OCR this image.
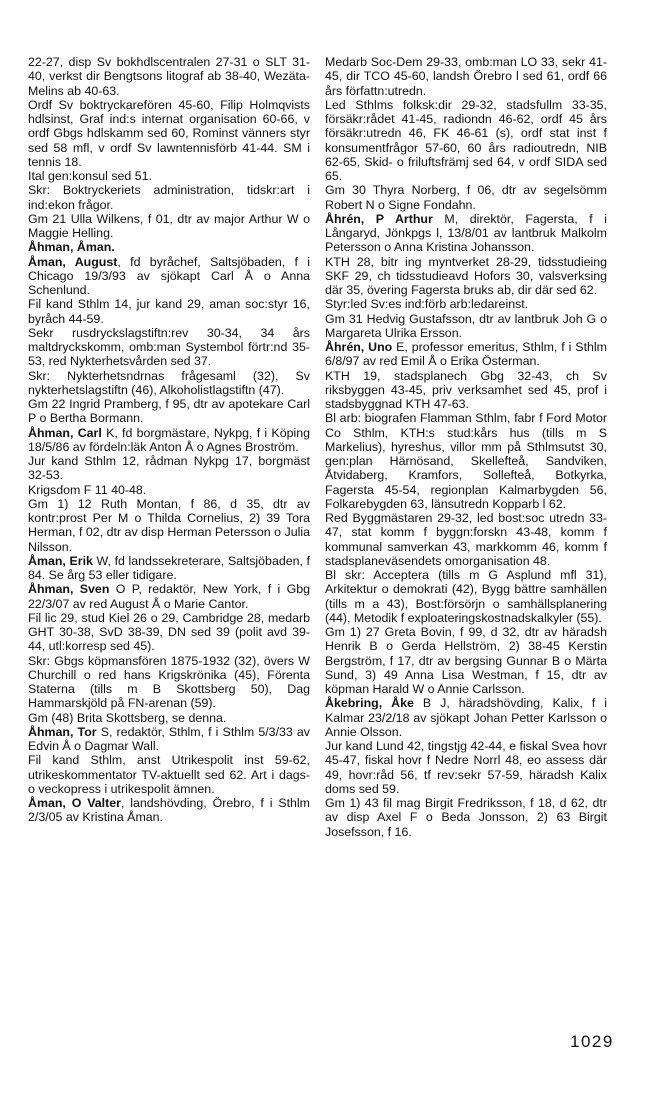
22-27, disp Sv bokhdlscentralen 27-31 o SLT 31-40, verkst dir Bengtsons litograf ab 38-40, Wezäta-Melins ab 40-63.

Ordf Sv boktryckarefören 45-60, Filip Holmqvists hdlsinst, Graf ind:s internat organisation 60-66, v ordf Gbgs hdlskamm sed 60, Rominst vänners styr sed 58 mfl, v ordf Sv lawntennisförb 41-44. SM i tennis 18.

Ital gen:konsul sed 51.

Skr: Boktryckeriets administration, tidskr:art i ind:ekon frågor.

Gm 21 Ulla Wilkens, f 01, dtr av major Arthur W o Maggie Helling.

Åhman, Åman.

Åman, August, fd byråchef, Saltsjöbaden, f i Chicago 19/3/93 av sjökapt Carl Å o Anna Schenlund.

Fil kand Sthlm 14, jur kand 29, aman soc:styr 16, byråch 44-59.

Sekr rusdryckslagstiftn:rev 30-34, 34 års maltdryckskomm, omb:man Systembol förtr:nd 35-53, red Nykterhetsvården sed 37.

Skr: Nykterhetsndrnas frågesaml (32), Sv nykterhetslagstiftn (46), Alkoholistlagstiftn (47).

Gm 22 Ingrid Pramberg, f 95, dtr av apotekare Carl P o Bertha Bormann.

Åhman, Carl K, fd borgmästare, Nykpg, f i Köping 18/5/86 av fördeln:läk Anton Å o Agnes Broström.

Jur kand Sthlm 12, rådman Nykpg 17, borgmäst 32-53.

Krigsdom F 11 40-48.

Gm 1) 12 Ruth Montan, f 86, d 35, dtr av kontr:prost Per M o Thilda Cornelius, 2) 39 Tora Herman, f 02, dtr av disp Herman Petersson o Julia Nilsson.

Åman, Erik W, fd landssekreterare, Saltsjöbaden, f 84. Se årg 53 eller tidigare.

Åhman, Sven O P, redaktör, New York, f i Gbg 22/3/07 av red August Å o Marie Cantor.

Fil lic 29, stud Kiel 26 o 29, Cambridge 28, medarb GHT 30-38, SvD 38-39, DN sed 39 (polit avd 39-44, utl:korresp sed 45).

Skr: Gbgs köpmansfören 1875-1932 (32), övers W Churchill o red hans Krigskrönika (45), Förenta Staterna (tills m B Skottsberg 50), Dag Hammarskjöld på FN-arenan (59).

Gm (48) Brita Skottsberg, se denna.

Åhman, Tor S, redaktör, Sthlm, f i Sthlm 5/3/33 av Edvin Å o Dagmar Wall.

Fil kand Sthlm, anst Utrikespolit inst 59-62, utrikeskommentator TV-aktuellt sed 62. Art i dags- o veckopress i utrikespolit ämnen.

Åman, O Valter, landshövding, Örebro, f i Sthlm 2/3/05 av Kristina Åman.

Medarb Soc-Dem 29-33, omb:man LO 33, sekr 41-45, dir TCO 45-60, landsh Örebro l sed 61, ordf 66 års författn:utredn.

Led Sthlms folksk:dir 29-32, stadsfullm 33-35, försäkr:rådet 41-45, radiondn 46-62, ordf 45 års försäkr:utredn 46, FK 46-61 (s), ordf stat inst f konsumentfrågor 57-60, 60 års radioutredn, NIB 62-65, Skid- o friluftsfrämj sed 64, v ordf SIDA sed 65.

Gm 30 Thyra Norberg, f 06, dtr av segelsömm Robert N o Signe Fondahn.

Åhrén, P Arthur M, direktör, Fagersta, f i Långaryd, Jönkpgs l, 13/8/01 av lantbruk Malkolm Petersson o Anna Kristina Johansson.

KTH 28, bitr ing myntverket 28-29, tidsstudieing SKF 29, ch tidsstudieavd Hofors 30, valsverksing där 35, övering Fagersta bruks ab, dir där sed 62.

Styr:led Sv:es ind:förb arb:ledareinst.

Gm 31 Hedvig Gustafsson, dtr av lantbruk Joh G o Margareta Ulrika Ersson.

Åhrén, Uno E, professor emeritus, Sthlm, f i Sthlm 6/8/97 av red Emil Å o Erika Österman.

KTH 19, stadsplanech Gbg 32-43, ch Sv riksbyggen 43-45, priv verksamhet sed 45, prof i stadsbyggnad KTH 47-63.

Bl arb: biografen Flamman Sthlm, fabr f Ford Motor Co Sthlm, KTH:s stud:kårs hus (tills m S Markelius), hyreshus, villor mm på Sthlmsutst 30, gen:plan Härnösand, Skellefteå, Sandviken, Åtvidaberg, Kramfors, Sollefteå, Botkyrka, Fagersta 45-54, regionplan Kalmarbygden 56, Folkarebygden 63, länsutredn Kopparb l 62.

Red Byggmästaren 29-32, led bost:soc utredn 33-47, stat komm f byggn:forskn 43-48, komm f kommunal samverkan 43, markkomm 46, komm f stadsplaneväsendets omorganisation 48.

Bl skr: Acceptera (tills m G Asplund mfl 31), Arkitektur o demokrati (42), Bygg bättre samhällen (tills m a 43), Bost:försörjn o samhällsplanering (44), Metodik f exploateringskostnadskalkyler (55).

Gm 1) 27 Greta Bovin, f 99, d 32, dtr av häradsh Henrik B o Gerda Hellström, 2) 38-45 Kerstin Bergström, f 17, dtr av bergsing Gunnar B o Märta Sund, 3) 49 Anna Lisa Westman, f 15, dtr av köpman Harald W o Annie Carlsson.

Åkebring, Åke B J, häradshövding, Kalix, f i Kalmar 23/2/18 av sjökapt Johan Petter Karlsson o Annie Olsson.

Jur kand Lund 42, tingstjg 42-44, e fiskal Svea hovr 45-47, fiskal hovr f Nedre Norrl 48, eo assess där 49, hovr:råd 56, tf rev:sekr 57-59, häradsh Kalix doms sed 59.

Gm 1) 43 fil mag Birgit Fredriksson, f 18, d 62, dtr av disp Axel F o Beda Jonsson, 2) 63 Birgit Josefsson, f 16.

1029
